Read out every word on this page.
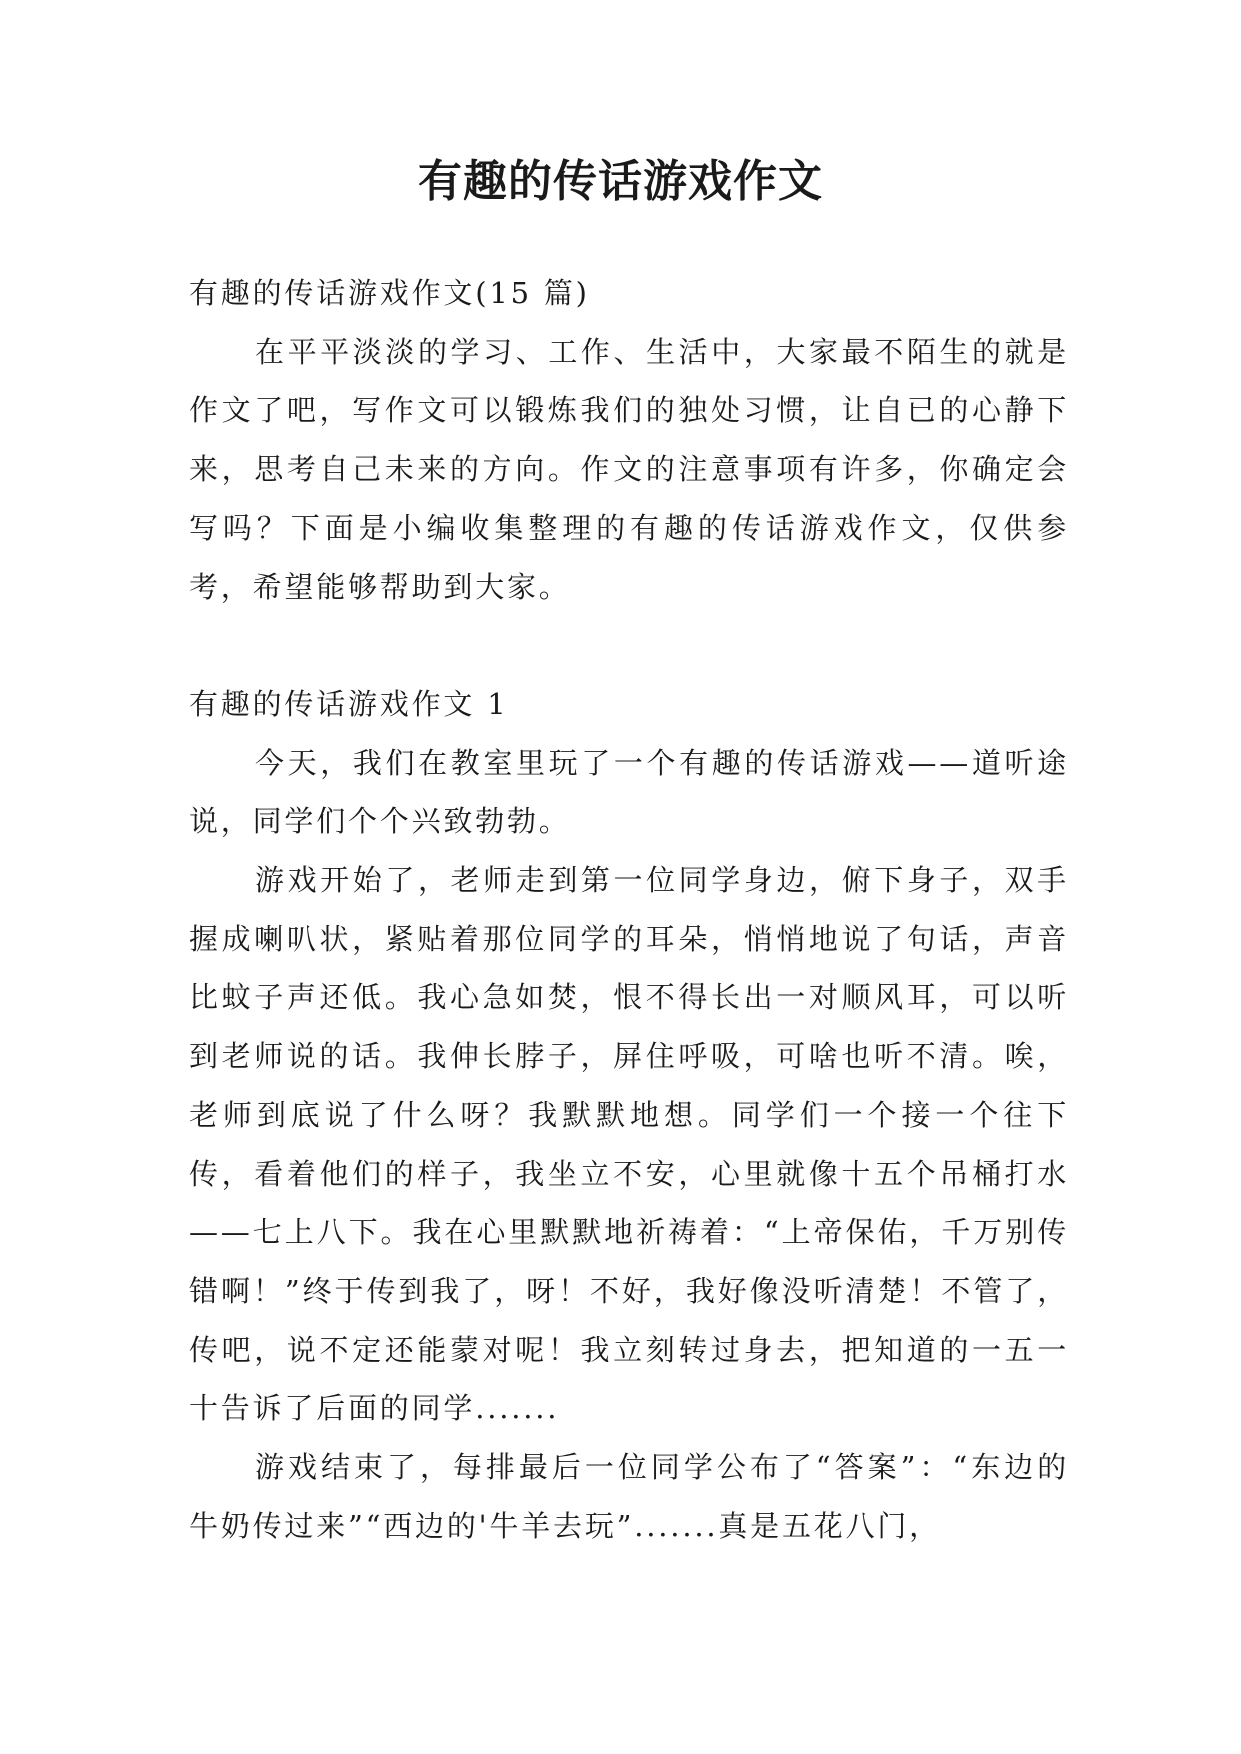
有趣的传话游戏作文

有趣的传话游戏作文(15 篇)

在平平淡淡的学习、工作、生活中，大家最不陌生的就是作文了吧，写作文可以锻炼我们的独处习惯，让自已的心静下来，思考自己未来的方向。作文的注意事项有许多，你确定会写吗？下面是小编收集整理的有趣的传话游戏作文，仅供参考，希望能够帮助到大家。

有趣的传话游戏作文 1

今天，我们在教室里玩了一个有趣的传话游戏——道听途说，同学们个个兴致勃勃。

游戏开始了，老师走到第一位同学身边，俯下身子，双手握成喇叭状，紧贴着那位同学的耳朵，悄悄地说了句话，声音比蚊子声还低。我心急如焚，恨不得长出一对顺风耳，可以听到老师说的话。我伸长脖子，屏住呼吸，可啥也听不清。唉，老师到底说了什么呀？我默默地想。同学们一个接一个往下传，看着他们的样子，我坐立不安，心里就像十五个吊桶打水——七上八下。我在心里默默地祈祷着：“上帝保佑，千万别传错啊！”终于传到我了，呀！不好，我好像没听清楚！不管了，传吧，说不定还能蒙对呢！我立刻转过身去，把知道的一五一十告诉了后面的同学.......

游戏结束了，每排最后一位同学公布了“答案”：“东边的牛奶传过来”“西边的'牛羊去玩”.......真是五花八门，
